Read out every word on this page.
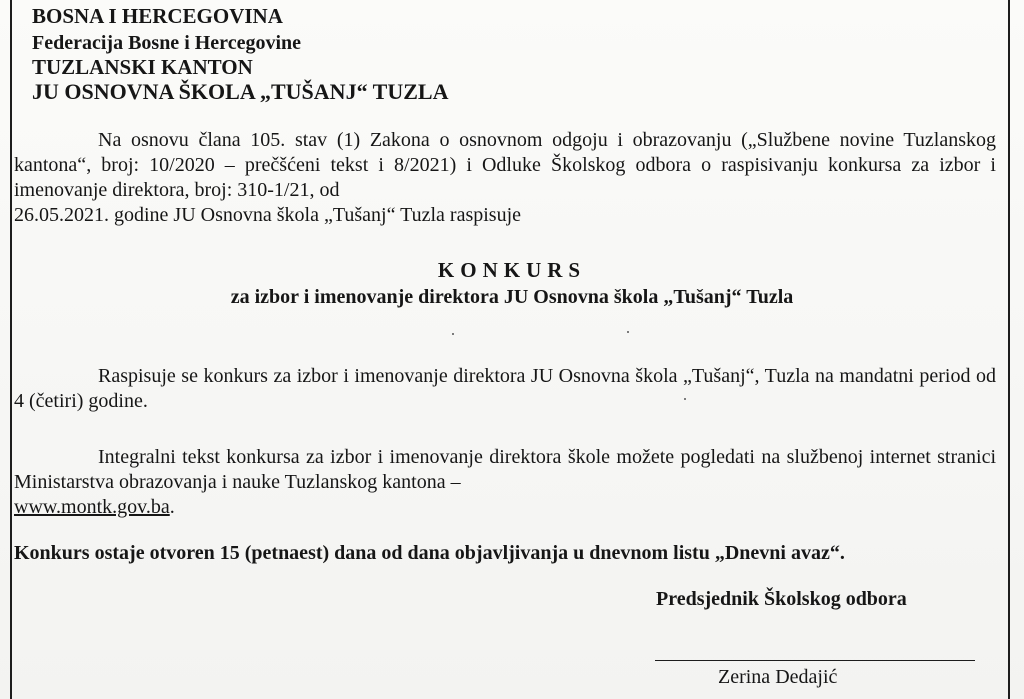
BOSNA I HERCEGOVINA
Federacija Bosne i Hercegovine
TUZLANSKI KANTON
JU OSNOVNA ŠKOLA „TUŠANJ“ TUZLA
Na osnovu člana 105. stav (1) Zakona o osnovnom odgoju i obrazovanju („Službene novine Tuzlanskog kantona“, broj: 10/2020 – prečšćeni tekst i 8/2021) i Odluke Školskog odbora o raspisivanju konkursa za izbor i imenovanje direktora, broj: 310-1/21, od
26.05.2021. godine JU Osnovna škola „Tušanj“ Tuzla raspisuje
KONKURS
za izbor i imenovanje direktora JU Osnovna škola „Tušanj“ Tuzla
Raspisuje se konkurs za izbor i imenovanje direktora JU Osnovna škola „Tušanj“, Tuzla na mandatni period od 4 (četiri) godine.
Integralni tekst konkursa za izbor i imenovanje direktora škole možete pogledati na službenoj internet stranici Ministarstva obrazovanja i nauke Tuzlanskog kantona –
www.montk.gov.ba.
Konkurs ostaje otvoren 15 (petnaest) dana od dana objavljivanja u dnevnom listu „Dnevni avaz“.
Predsjednik Školskog odbora
Zerina Dedajić
